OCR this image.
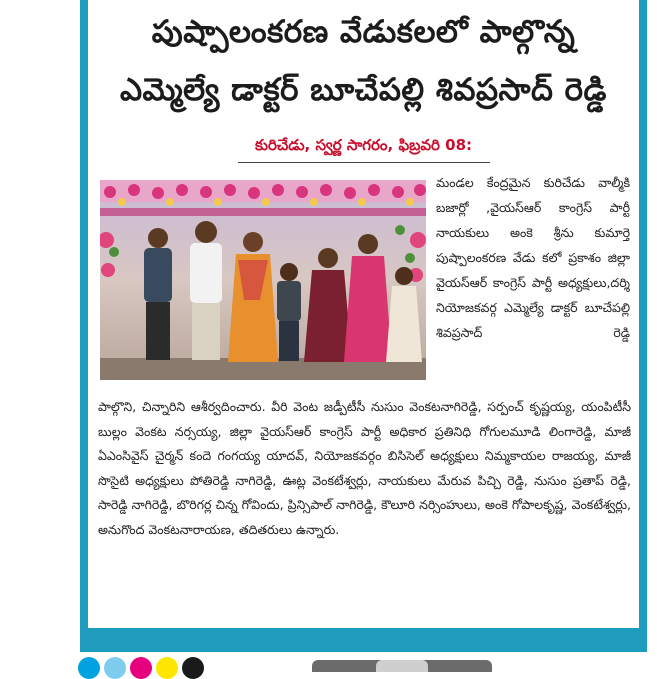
పుష్పాలంకరణ వేడుకలలో పాల్గొన్న
ఎమ్మెల్యే డాక్టర్ బూచేపల్లి శివప్రసాద్ రెడ్డి
కురిచేడు, స్వర్ణ సాగరం, ఫిబ్రవరి 08:

మండల కేంద్రమైన కురిచేడు వాల్మీకి బజార్లో ,వైయస్ఆర్ కాంగ్రెస్ పార్టీ నాయకులు అంకె శ్రీను కుమార్తె పుష్పాలంకరణ వేడు కలో ప్రకాశం జిల్లా వైయస్ఆర్ కాంగ్రెస్ పార్టీ అధ్యక్షులు,దర్శి నియోజకవర్గ ఎమ్మెల్యే డాక్టర్ బూచేపల్లి శివప్రసాద్ రెడ్డి

పాల్గొని, చిన్నారిని ఆశీర్వదించారు. వీరి వెంట జడ్పీటీసీ నుసుం వెంకటనాగిరెడ్డి, సర్పంచ్ కృష్ణయ్య, యంపిటీసీ బుల్లం వెంకట నర్సయ్య, జిల్లా వైయస్ఆర్ కాంగ్రెస్ పార్టీ అధికార ప్రతినిధి గోగులమూడి లింగారెడ్డి, మాజీ ఏఎంసివైస్ చైర్మన్ కందె గంగయ్య యాదవ్, నియోజకవర్గం బిసిసెల్ అధ్యక్షులు నిమ్మకాయల రాజయ్య, మాజీ సొసైటి అధ్యక్షులు పోతిరెడ్డి నాగిరెడ్డి, ఊట్ల వెంకటేశ్వర్లు, నాయకులు మేరువ పిచ్చి రెడ్డి, నుసుం ప్రతాప్ రెడ్డి, సారెడ్డి నాగిరెడ్డి, బొరిగర్ల చిన్న గోవిందు, ప్రిన్సిపాల్ నాగిరెడ్డి, కౌలూరి నర్సింహులు, అంకె గోపాలకృష్ణ, వెంకటేశ్వర్లు, అనుగొంద వెంకటనారాయణ, తదితరులు ఉన్నారు.
